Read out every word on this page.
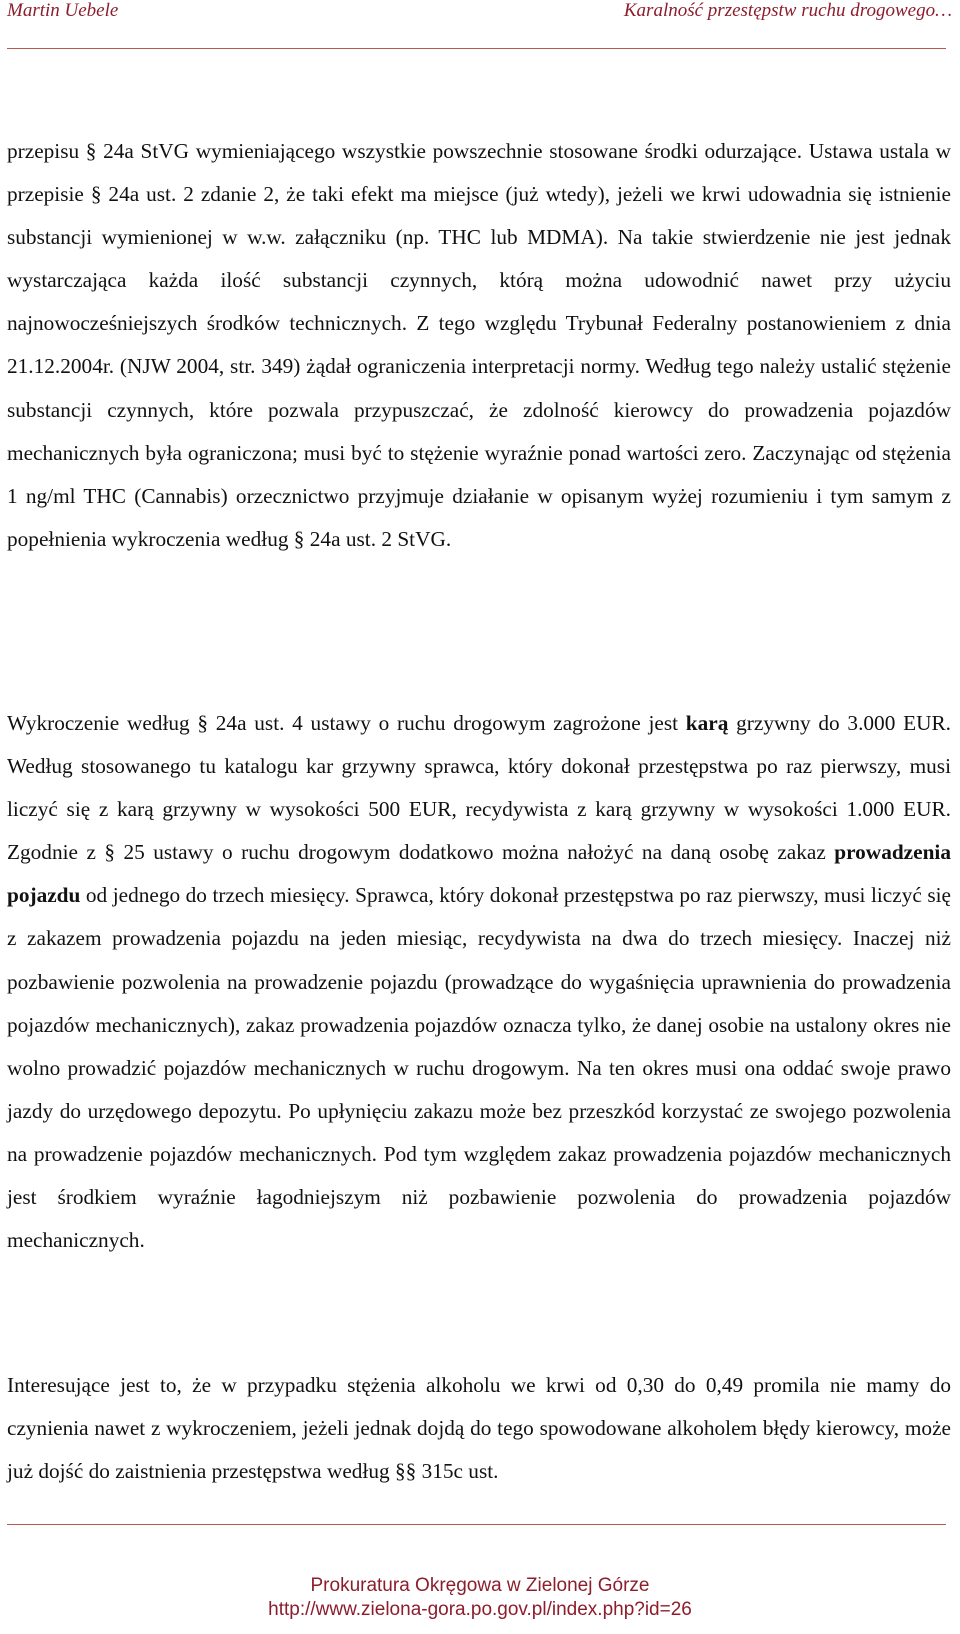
Martin Uebele	Karalność przestępstw ruchu drogowego…
przepisu § 24a StVG wymieniającego wszystkie powszechnie stosowane środki odurzające. Ustawa ustala w przepisie § 24a ust. 2 zdanie 2, że taki efekt ma miejsce (już wtedy), jeżeli we krwi udowadnia się istnienie substancji wymienionej w w.w. załączniku (np. THC lub MDMA). Na takie stwierdzenie nie jest jednak wystarczająca każda ilość substancji czynnych, którą można udowodnić nawet przy użyciu najnowocześniejszych środków technicznych. Z tego względu Trybunał Federalny postanowieniem z dnia 21.12.2004r. (NJW 2004, str. 349) żądał ograniczenia interpretacji normy. Według tego należy ustalić stężenie substancji czynnych, które pozwala przypuszczać, że zdolność kierowcy do prowadzenia pojazdów mechanicznych była ograniczona; musi być to stężenie wyraźnie ponad wartości zero. Zaczynając od stężenia 1 ng/ml THC (Cannabis) orzecznictwo przyjmuje działanie w opisanym wyżej rozumieniu i tym samym z popełnienia wykroczenia według § 24a ust. 2 StVG.
Wykroczenie według § 24a ust. 4 ustawy o ruchu drogowym zagrożone jest karą grzywny do 3.000 EUR. Według stosowanego tu katalogu kar grzywny sprawca, który dokonał przestępstwa po raz pierwszy, musi liczyć się z karą grzywny w wysokości 500 EUR, recydywista z karą grzywny w wysokości 1.000 EUR. Zgodnie z § 25 ustawy o ruchu drogowym dodatkowo można nałożyć na daną osobę zakaz prowadzenia pojazdu od jednego do trzech miesięcy. Sprawca, który dokonał przestępstwa po raz pierwszy, musi liczyć się z zakazem prowadzenia pojazdu na jeden miesiąc, recydywista na dwa do trzech miesięcy. Inaczej niż pozbawienie pozwolenia na prowadzenie pojazdu (prowadzące do wygaśnięcia uprawnienia do prowadzenia pojazdów mechanicznych), zakaz prowadzenia pojazdów oznacza tylko, że danej osobie na ustalony okres nie wolno prowadzić pojazdów mechanicznych w ruchu drogowym. Na ten okres musi ona oddać swoje prawo jazdy do urzędowego depozytu. Po upłynięciu zakazu może bez przeszkód korzystać ze swojego pozwolenia na prowadzenie pojazdów mechanicznych. Pod tym względem zakaz prowadzenia pojazdów mechanicznych jest środkiem wyraźnie łagodniejszym niż pozbawienie pozwolenia do prowadzenia pojazdów mechanicznych.
Interesujące jest to, że w przypadku stężenia alkoholu we krwi od 0,30 do 0,49 promila nie mamy do czynienia nawet z wykroczeniem, jeżeli jednak dojdą do tego spowodowane alkoholem błędy kierowcy, może już dojść do zaistnienia przestępstwa według §§ 315c ust.
Prokuratura Okręgowa w Zielonej Górze
http://www.zielona-gora.po.gov.pl/index.php?id=26
